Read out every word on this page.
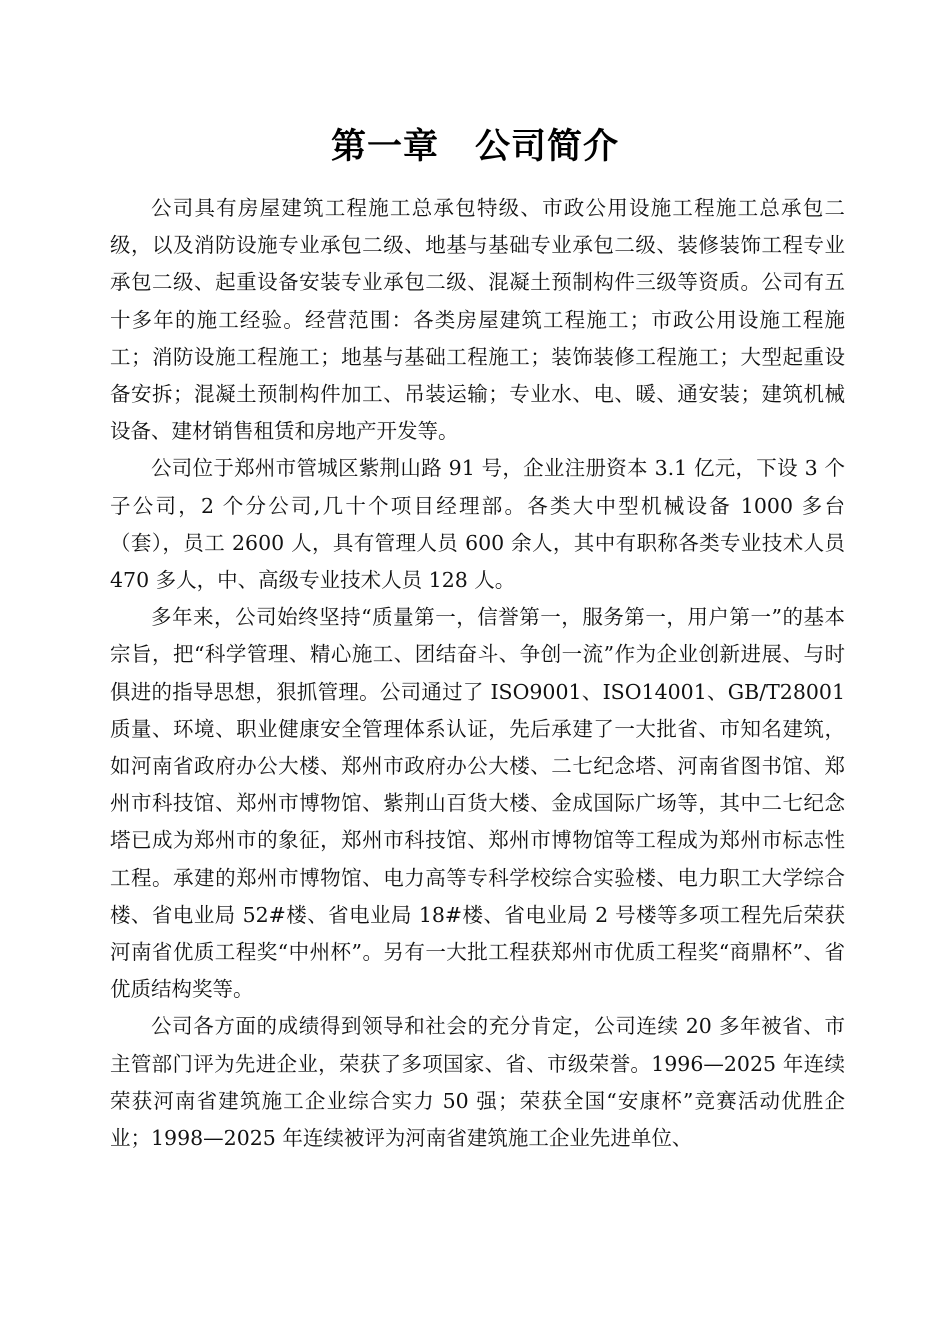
第一章　公司简介

公司具有房屋建筑工程施工总承包特级、市政公用设施工程施工总承包二级，以及消防设施专业承包二级、地基与基础专业承包二级、装修装饰工程专业承包二级、起重设备安装专业承包二级、混凝土预制构件三级等资质。公司有五十多年的施工经验。经营范围：各类房屋建筑工程施工；市政公用设施工程施工；消防设施工程施工；地基与基础工程施工；装饰装修工程施工；大型起重设备安拆；混凝土预制构件加工、吊装运输；专业水、电、暖、通安装；建筑机械设备、建材销售租赁和房地产开发等。

公司位于郑州市管城区紫荆山路 91 号，企业注册资本 3.1 亿元，下设 3 个子公司，2 个分公司,几十个项目经理部。各类大中型机械设备 1000 多台（套），员工 2600 人，具有管理人员 600 余人，其中有职称各类专业技术人员 470 多人，中、高级专业技术人员 128 人。

多年来，公司始终坚持“质量第一，信誉第一，服务第一，用户第一”的基本宗旨，把“科学管理、精心施工、团结奋斗、争创一流”作为企业创新进展、与时俱进的指导思想，狠抓管理。公司通过了 ISO9001、ISO14001、GB/T28001 质量、环境、职业健康安全管理体系认证，先后承建了一大批省、市知名建筑，如河南省政府办公大楼、郑州市政府办公大楼、二七纪念塔、河南省图书馆、郑州市科技馆、郑州市博物馆、紫荆山百货大楼、金成国际广场等，其中二七纪念塔已成为郑州市的象征，郑州市科技馆、郑州市博物馆等工程成为郑州市标志性工程。承建的郑州市博物馆、电力高等专科学校综合实验楼、电力职工大学综合楼、省电业局 52#楼、省电业局 18#楼、省电业局 2 号楼等多项工程先后荣获河南省优质工程奖“中州杯”。另有一大批工程获郑州市优质工程奖“商鼎杯”、省优质结构奖等。

公司各方面的成绩得到领导和社会的充分肯定，公司连续 20 多年被省、市主管部门评为先进企业，荣获了多项国家、省、市级荣誉。1996—2025 年连续荣获河南省建筑施工企业综合实力 50 强；荣获全国“安康杯”竞赛活动优胜企业；1998—2025 年连续被评为河南省建筑施工企业先进单位、
